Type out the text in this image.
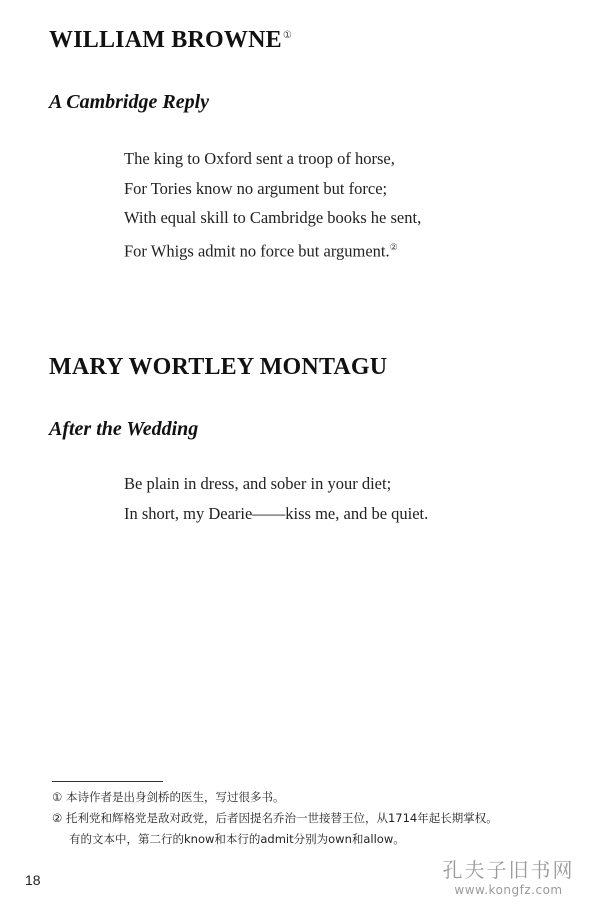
WILLIAM BROWNE①
A Cambridge Reply
The king to Oxford sent a troop of horse,
For Tories know no argument but force;
With equal skill to Cambridge books he sent,
For Whigs admit no force but argument.②
MARY WORTLEY MONTAGU
After the Wedding
Be plain in dress, and sober in your diet;
In short, my Dearie——kiss me, and be quiet.
① 本诗作者是出身剑桥的医生，写过很多书。
② 托利党和辉格党是敌对政党，后者因提名乔治一世接替王位，从1714年起长期掌权。
有的文本中，第二行的know和本行的admit分别为own和allow。
18	孔夫子旧书网
www.kongfz.com
